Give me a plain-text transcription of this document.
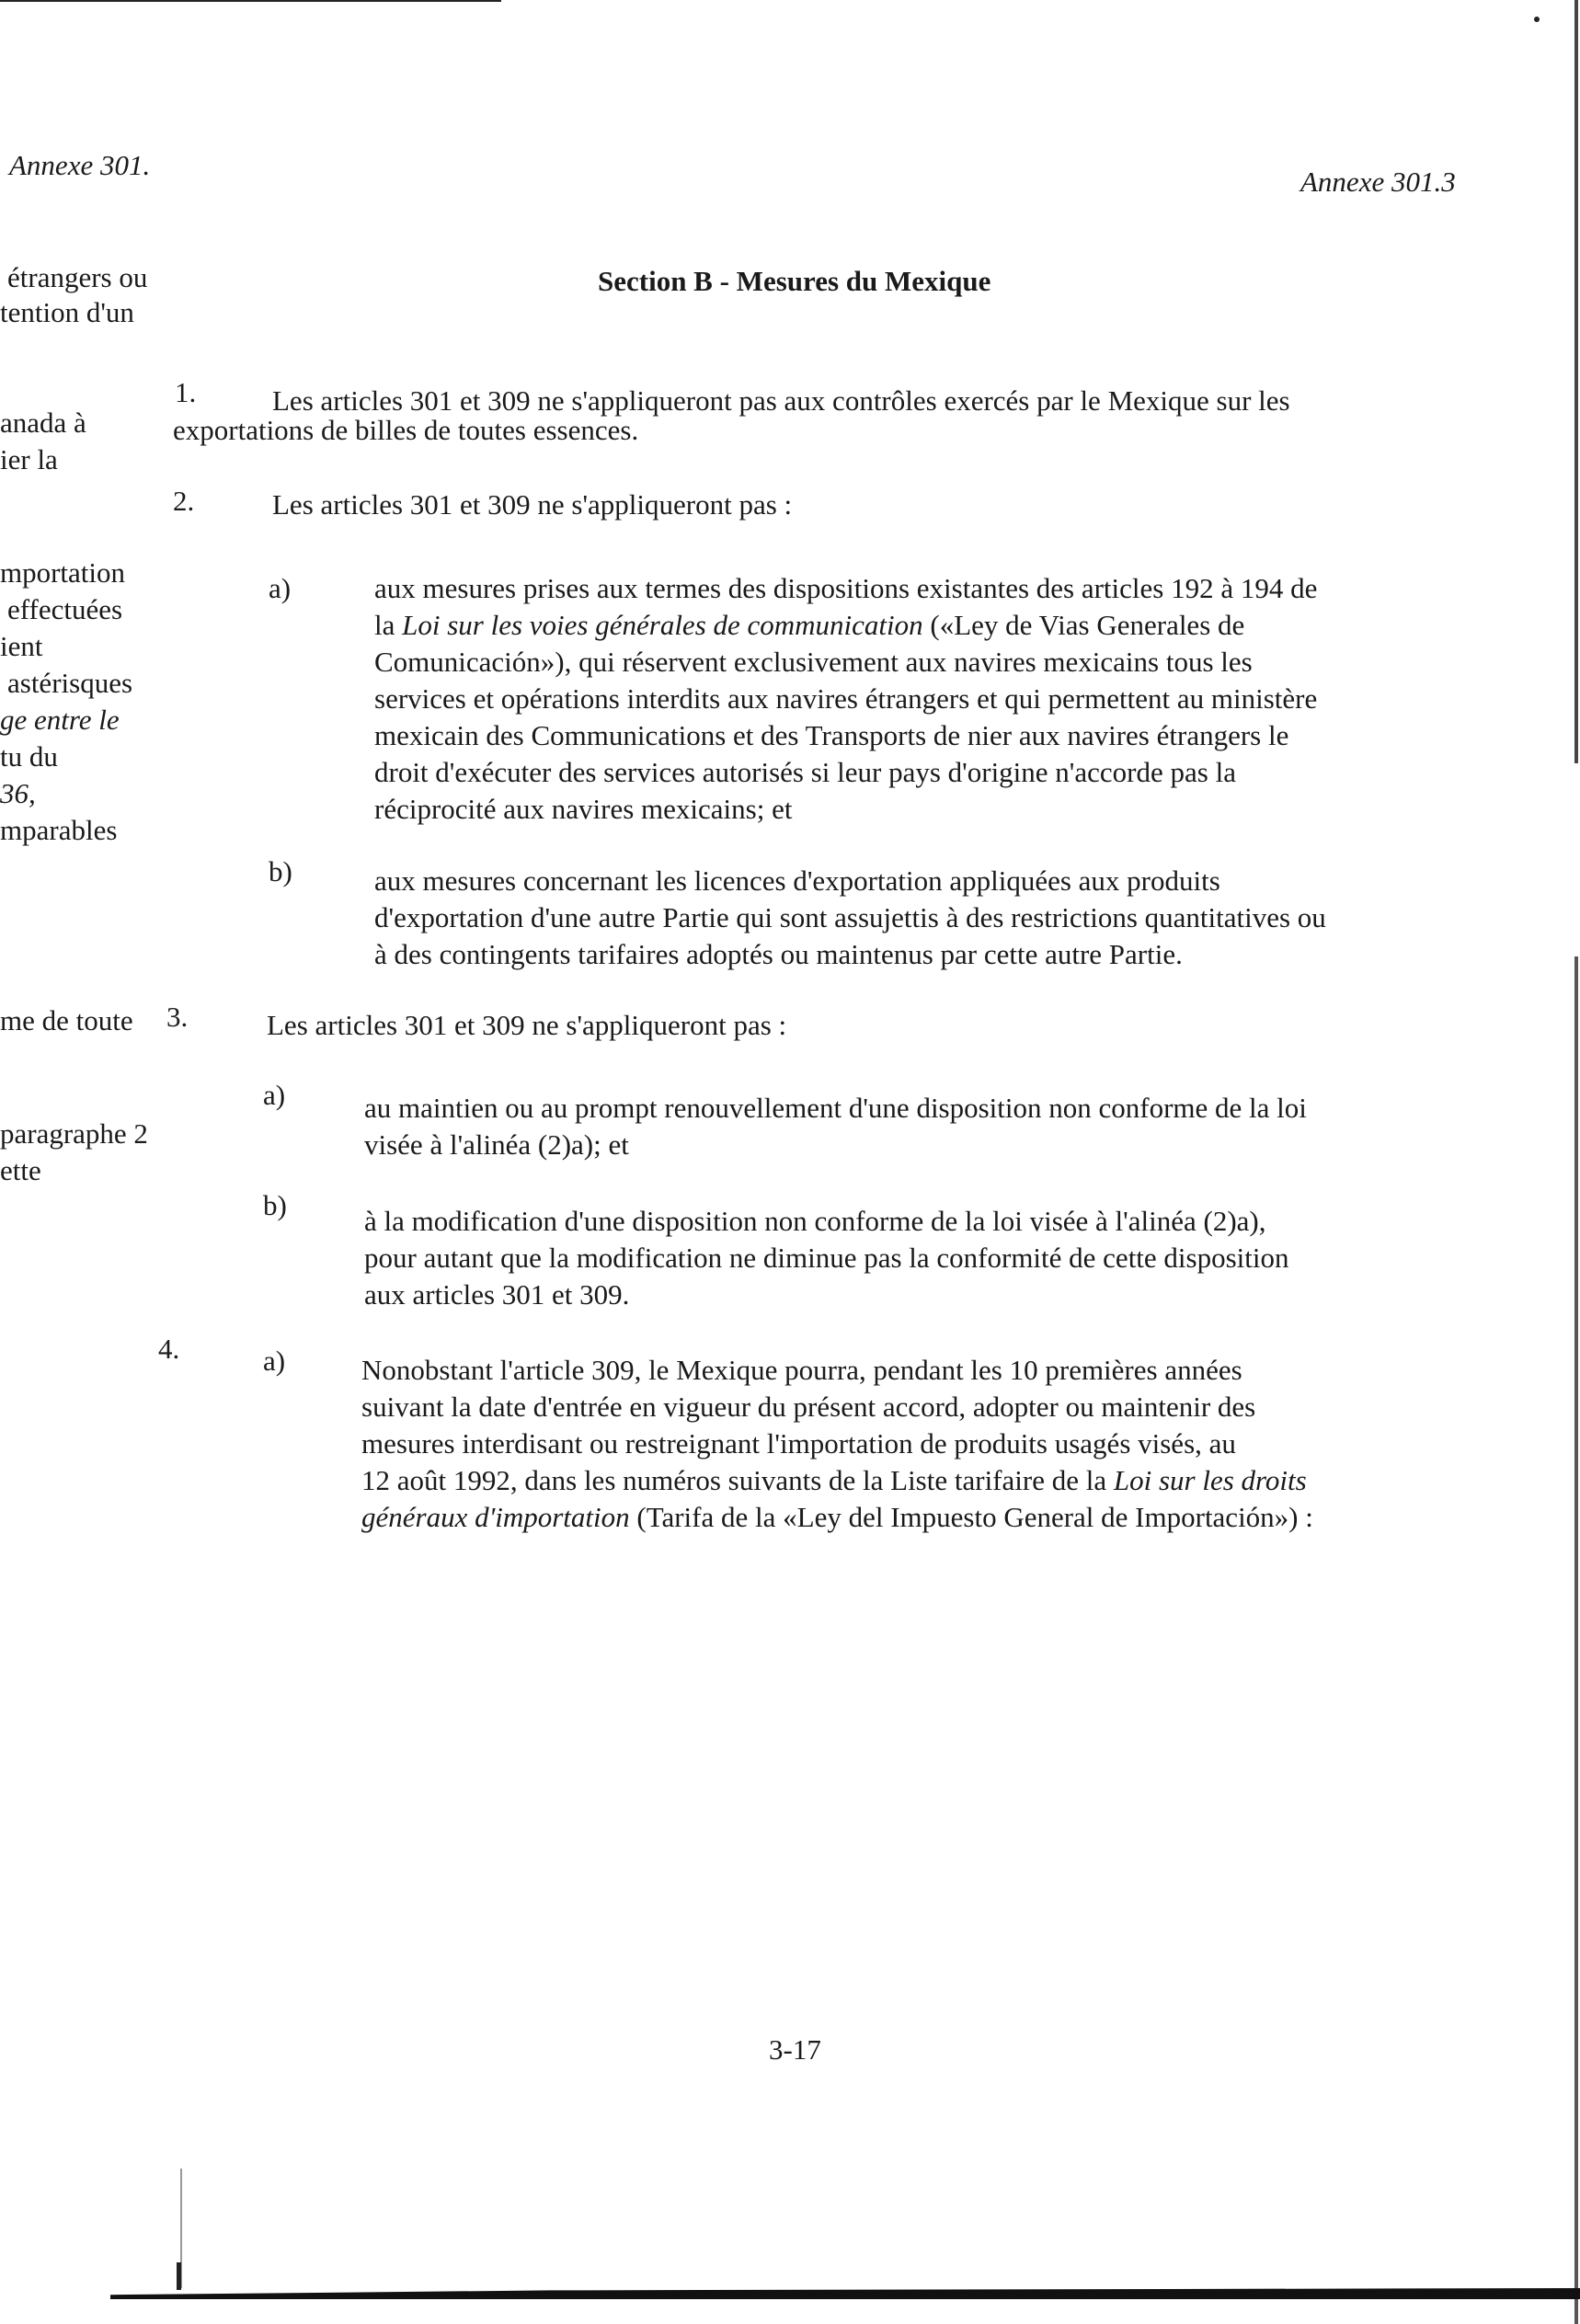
Annexe 301.
Annexe 301.3
étrangers ou
tention d'un
anada à
ier la
mportation
effectuées
ient
astérisques
ge entre le
tu du
36,
mparables
me de toute
paragraphe 2
ette
Section B - Mesures du Mexique
1.	Les articles 301 et 309 ne s'appliqueront pas aux contrôles exercés par le Mexique sur les
exportations de billes de toutes essences.
2.	Les articles 301 et 309 ne s'appliqueront pas :
a)	aux mesures prises aux termes des dispositions existantes des articles 192 à 194 de
la Loi sur les voies générales de communication («Ley de Vias Generales de
Comunicación»), qui réservent exclusivement aux navires mexicains tous les
services et opérations interdits aux navires étrangers et qui permettent au ministère
mexicain des Communications et des Transports de nier aux navires étrangers le
droit d'exécuter des services autorisés si leur pays d'origine n'accorde pas la
réciprocité aux navires mexicains; et
b)	aux mesures concernant les licences d'exportation appliquées aux produits
d'exportation d'une autre Partie qui sont assujettis à des restrictions quantitatives ou
à des contingents tarifaires adoptés ou maintenus par cette autre Partie.
3.	Les articles 301 et 309 ne s'appliqueront pas :
a)	au maintien ou au prompt renouvellement d'une disposition non conforme de la loi
visée à l'alinéa (2)a); et
b)	à la modification d'une disposition non conforme de la loi visée à l'alinéa (2)a),
pour autant que la modification ne diminue pas la conformité de cette disposition
aux articles 301 et 309.
4.	a)	Nonobstant l'article 309, le Mexique pourra, pendant les 10 premières années
suivant la date d'entrée en vigueur du présent accord, adopter ou maintenir des
mesures interdisant ou restreignant l'importation de produits usagés visés, au
12 août 1992, dans les numéros suivants de la Liste tarifaire de la Loi sur les droits
généraux d'importation (Tarifa de la «Ley del Impuesto General de Importación») :
3-17
